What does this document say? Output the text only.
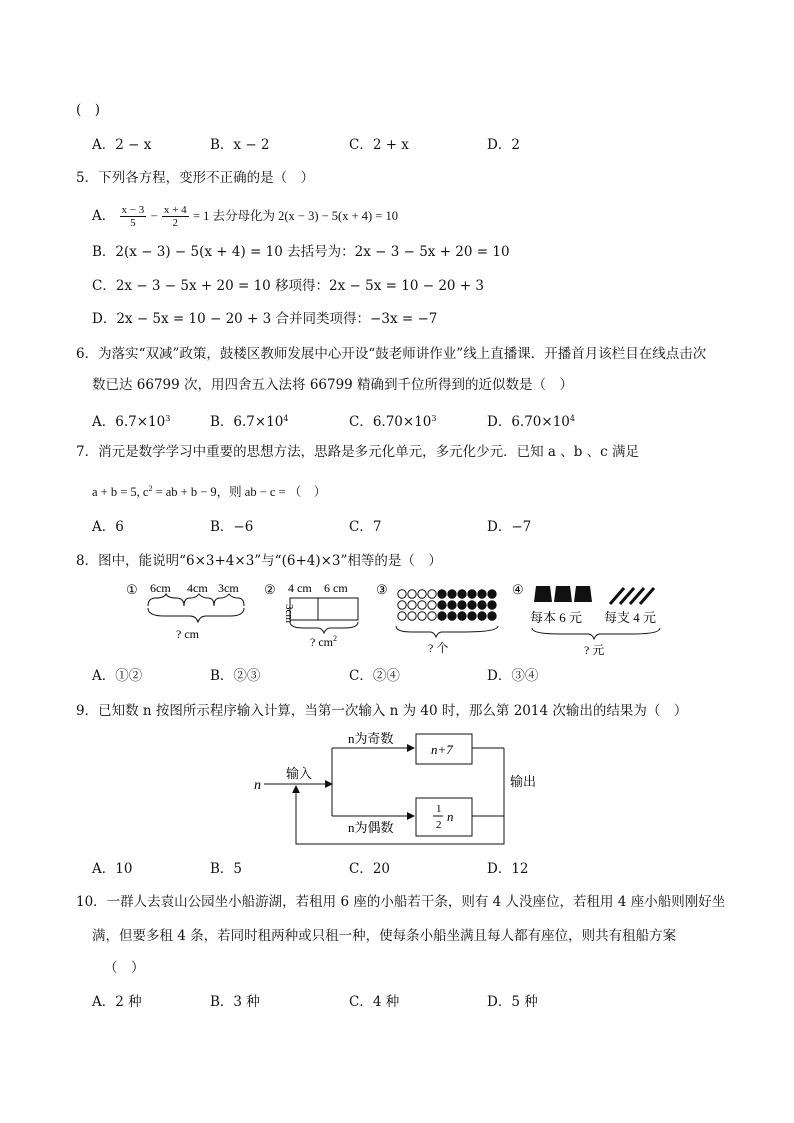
(　)
A．2 − x	B．x − 2	C．2 + x	D．2
5．下列各方程，变形不正确的是（　）
A． $\frac{x - 3}{5} - \frac{x + 4}{2} = 1$ 去分母化为 2(x − 3) − 5(x + 4) = 10
B．2(x − 3) − 5(x + 4) = 10 去括号为：2x − 3 − 5x + 20 = 10
C．2x − 3 − 5x + 20 = 10 移项得：2x − 5x = 10 − 20 + 3
D．2x − 5x = 10 − 20 + 3 合并同类项得：−3x = −7
6．为落实“双减”政策，鼓楼区教师发展中心开设“鼓老师讲作业”线上直播课．开播首月该栏目在线点击次
数已达 66799 次，用四舍五入法将 66799 精确到千位所得到的近似数是（　）
A．$6.7\times 10^3$	B．$6.7\times 10^4$	C．$6.70\times 10^3$	D．$6.70\times 10^4$
7．消元是数学学习中重要的思想方法，思路是多元化单元，多元化少元．已知 a 、b 、c 满足
a + b = 5, $c^2$ = ab + b − 9，则 ab − c = （　）
A．6	B．−6	C．7	D．−7
8．图中，能说明“6×3+4×3”与“(6+4)×3”相等的是（　）
① 6cm 4cm 3cm
? cm
② 4 cm 6 cm
3cm
? $cm^2$
③
? 个
④
每本 6 元 每支 4 元
? 元
A．①②	B．②③	C．②④	D．③④
9．已知数 n 按图所示程序输入计算，当第一次输入 n 为 40 时，那么第 2014 次输出的结果为（　）
n
输入
n为奇数
n为偶数
n+7
1
2
n
输出
A．10	B．5	C．20	D．12
10．一群人去袁山公园坐小船游湖，若租用 6 座的小船若干条，则有 4 人没座位，若租用 4 座小船则刚好坐
满，但要多租 4 条，若同时租两种或只租一种，使每条小船坐满且每人都有座位，则共有租船方案
（　）
A．2 种	B．3 种	C．4 种	D．5 种
